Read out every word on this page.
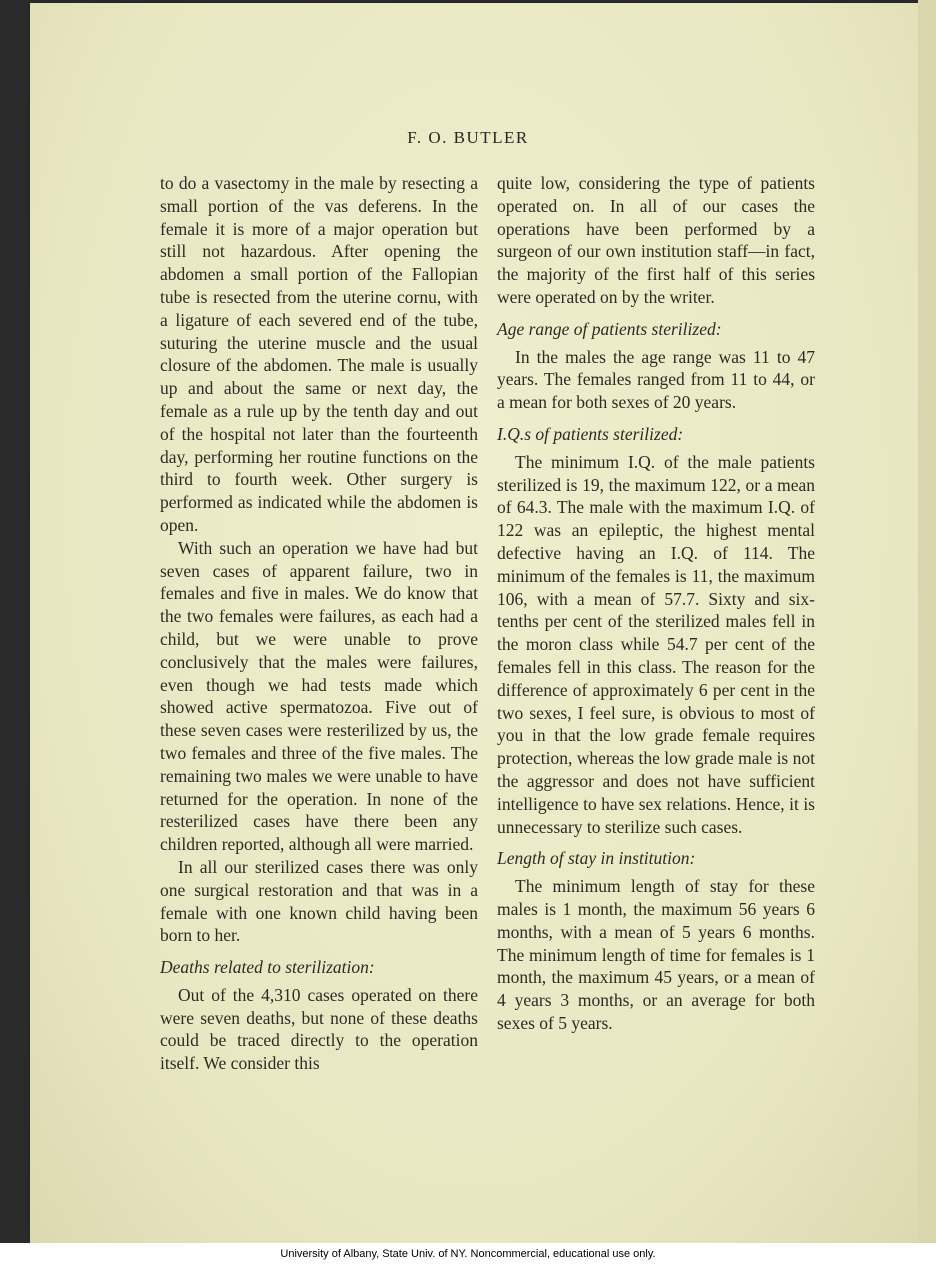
F. O. BUTLER

to do a vasectomy in the male by resecting a small portion of the vas deferens. In the female it is more of a major operation but still not hazardous. After opening the abdomen a small portion of the Fallopian tube is resected from the uterine cornu, with a ligature of each severed end of the tube, suturing the uterine muscle and the usual closure of the abdomen. The male is usually up and about the same or next day, the female as a rule up by the tenth day and out of the hospital not later than the fourteenth day, performing her routine functions on the third to fourth week. Other surgery is performed as indicated while the abdomen is open.

With such an operation we have had but seven cases of apparent failure, two in females and five in males. We do know that the two females were failures, as each had a child, but we were unable to prove conclusively that the males were failures, even though we had tests made which showed active spermatozoa. Five out of these seven cases were resterilized by us, the two females and three of the five males. The remaining two males we were unable to have returned for the operation. In none of the resterilized cases have there been any children reported, although all were married.

In all our sterilized cases there was only one surgical restoration and that was in a female with one known child having been born to her.

Deaths related to sterilization:

Out of the 4,310 cases operated on there were seven deaths, but none of these deaths could be traced directly to the operation itself. We consider this

quite low, considering the type of patients operated on. In all of our cases the operations have been performed by a surgeon of our own institution staff—in fact, the majority of the first half of this series were operated on by the writer.

Age range of patients sterilized:

In the males the age range was 11 to 47 years. The females ranged from 11 to 44, or a mean for both sexes of 20 years.

I.Q.s of patients sterilized:

The minimum I.Q. of the male patients sterilized is 19, the maximum 122, or a mean of 64.3. The male with the maximum I.Q. of 122 was an epileptic, the highest mental defective having an I.Q. of 114. The minimum of the females is 11, the maximum 106, with a mean of 57.7. Sixty and six-tenths per cent of the sterilized males fell in the moron class while 54.7 per cent of the females fell in this class. The reason for the difference of approximately 6 per cent in the two sexes, I feel sure, is obvious to most of you in that the low grade female requires protection, whereas the low grade male is not the aggressor and does not have sufficient intelligence to have sex relations. Hence, it is unnecessary to sterilize such cases.

Length of stay in institution:

The minimum length of stay for these males is 1 month, the maximum 56 years 6 months, with a mean of 5 years 6 months. The minimum length of time for females is 1 month, the maximum 45 years, or a mean of 4 years 3 months, or an average for both sexes of 5 years.

University of Albany, State Univ. of NY. Noncommercial, educational use only.
